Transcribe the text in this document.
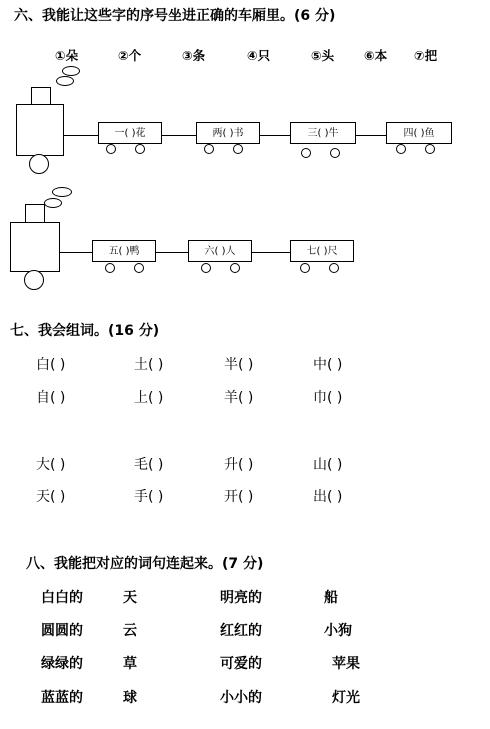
六、我能让这些字的序号坐进正确的车厢里。(6 分)
①朵	②个	③条	④只	⑤头 ⑥本 ⑦把
一( )花	两( )书	三( )牛	四( )鱼
五( )鸭	六( )人	七( )尺
七、我会组词。(16 分)
白( )	土( )	半( )	中( )
自( )	上( )	羊( )	巾( )
大( )	毛( )	升( )	山( )
天( )	手( )	开( )	出( )
八、我能把对应的词句连起来。(7 分)
白白的	天	明亮的	船
圆圆的	云	红红的	小狗
绿绿的	草	可爱的	苹果
蓝蓝的	球	小小的	灯光
